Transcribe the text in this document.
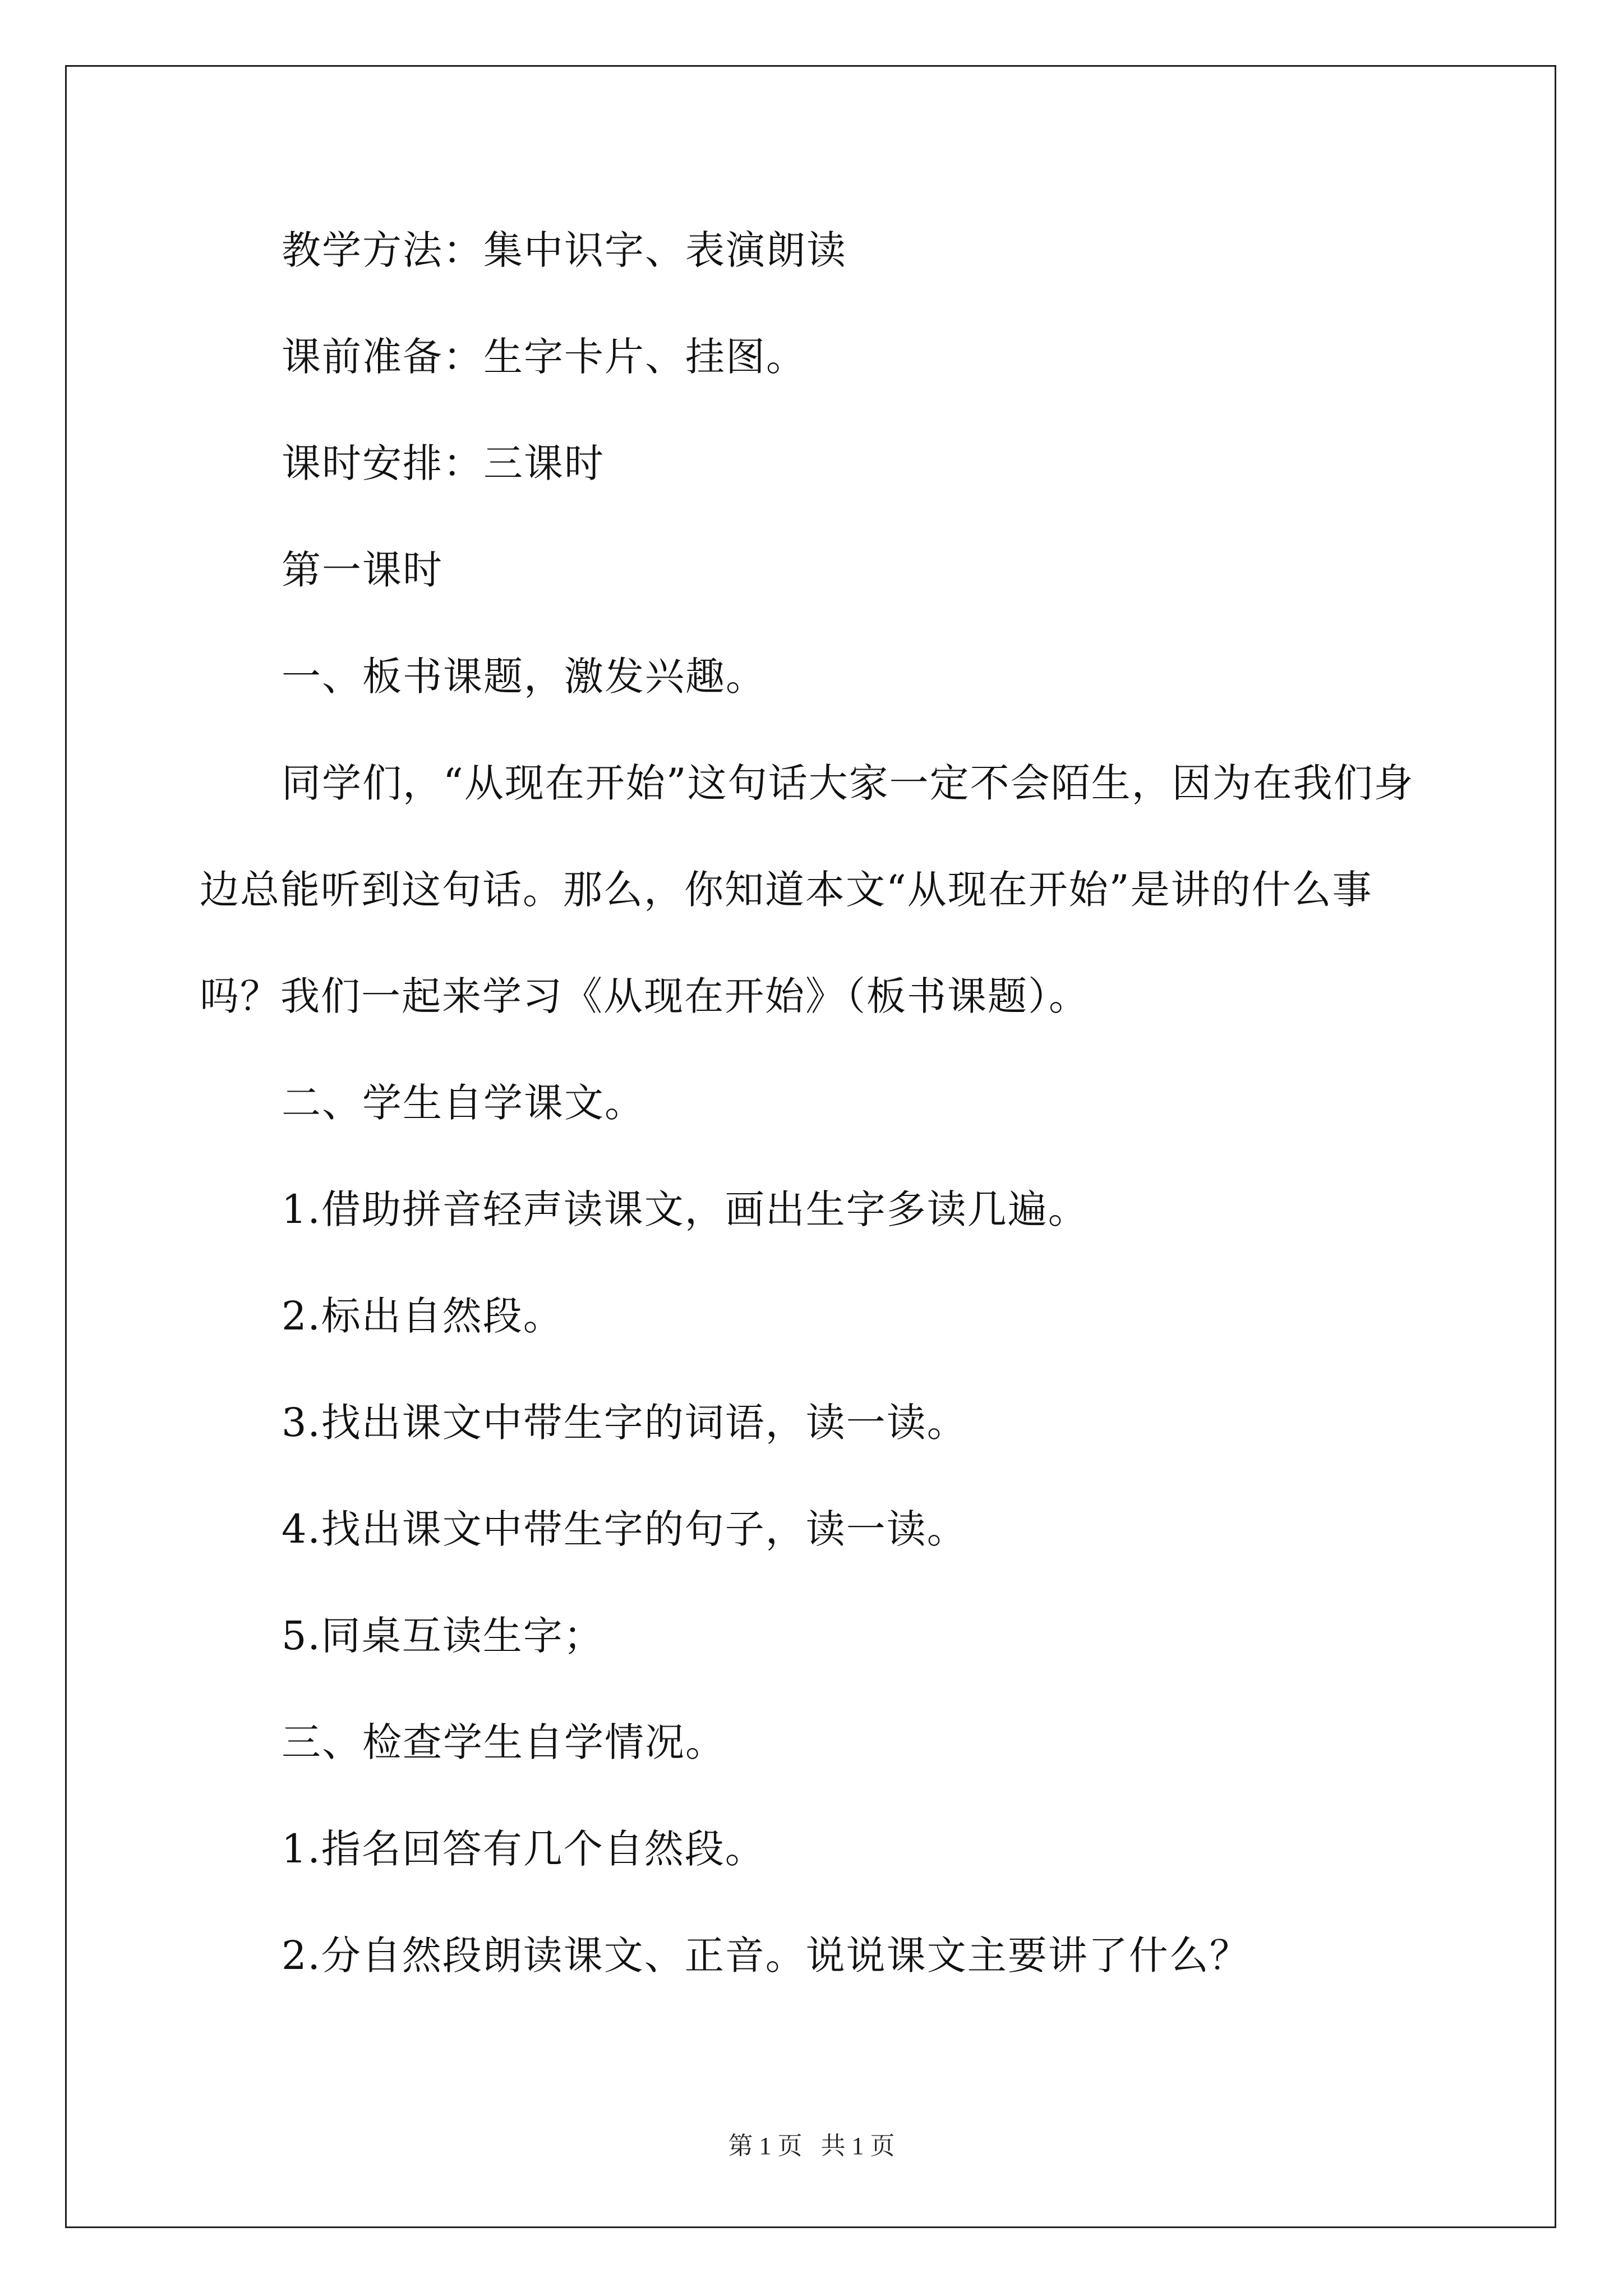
教学方法：集中识字、表演朗读

课前准备：生字卡片、挂图。

课时安排：三课时

第一课时

一、板书课题，激发兴趣。

同学们，“从现在开始”这句话大家一定不会陌生，因为在我们身边总能听到这句话。那么，你知道本文“从现在开始”是讲的什么事吗？我们一起来学习《从现在开始》（板书课题）。

二、学生自学课文。

1.借助拼音轻声读课文，画出生字多读几遍。

2.标出自然段。

3.找出课文中带生字的词语，读一读。

4.找出课文中带生字的句子，读一读。

5.同桌互读生字；

三、检查学生自学情况。

1.指名回答有几个自然段。

2.分自然段朗读课文、正音。说说课文主要讲了什么？

第 1 页   共 1 页
